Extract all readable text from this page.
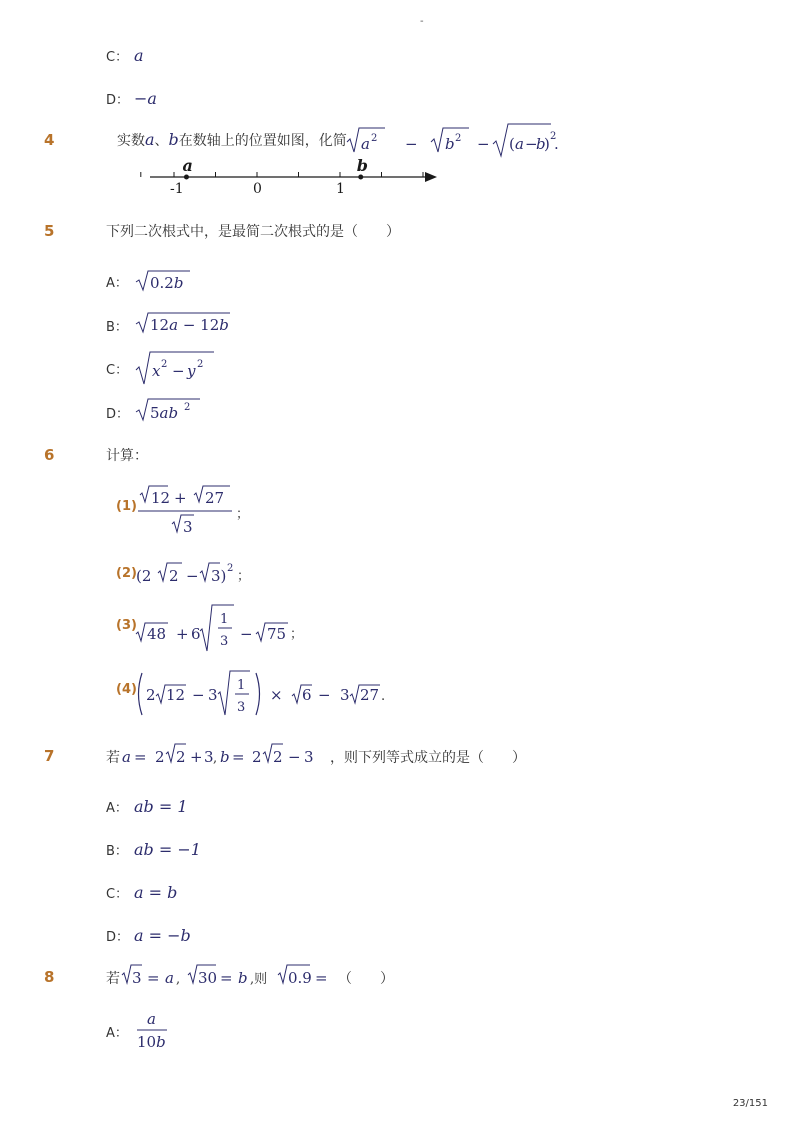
-
C： a
D： −a
4	实数a、b在数轴上的位置如图，化简 a 2 − b 2 − ( a −
b
) 2
.
-1	0	1
a	b
5	下列二次根式中，是最简二次根式的是（　　）
A：	0.2b
B：	12a − 12b
C：	x 2 − y 2
D：	5ab 2
6	计算：
(1) 12 + 27
3
；
(2) (2 2 − 3) 2
；
(3) 48 + 6
1
3 − 75 ；
(4) 2 12 − 3
1
3
× 6 − 3 27 .
7	若 a = 2 2 + 3 , b = 2 2 − 3 ，则下列等式成立的是（　　）
A： ab = 1
B： ab = −1
C： a = b
D： a = −b
8	若 3 = a , 30 = b ,则 0.9 = （　　）
A：
a
10b
23/151
